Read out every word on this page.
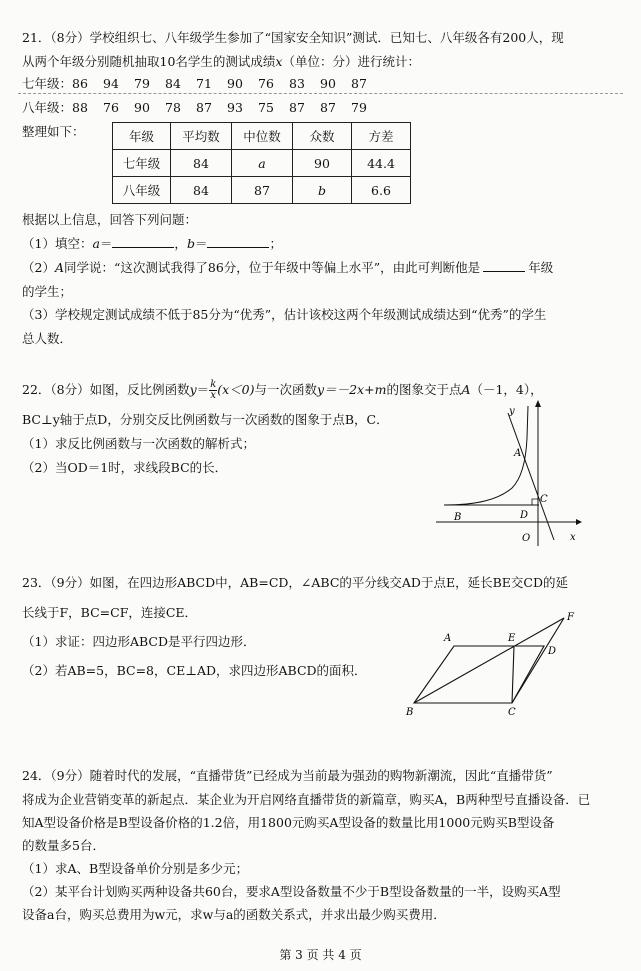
21．（8分）学校组织七、八年级学生参加了“国家安全知识”测试．已知七、八年级各有200人，现
从两个年级分别随机抽取10名学生的测试成绩x（单位：分）进行统计：
七年级：86 94 79 84 71 90 76 83 90 87
八年级：88 76 90 78 87 93 75 87 87 79
整理如下：	年级	平均数	中位数	众数	方差
七年级	84	a	90	44.4
八年级	84	87	b	6.6
根据以上信息，回答下列问题：
（1）填空：a＝	，b＝	；
（2）A同学说：“这次测试我得了86分，位于年级中等偏上水平”，由此可判断他是	年级
的学生；
（3）学校规定测试成绩不低于85分为“优秀”，估计该校这两个年级测试成绩达到“优秀”的学生
总人数．
22．（8分）如图，反比例函数$y= \frac{k}{x} (x<0)$与一次函数y＝－2x+m的图象交于点A（－1，4），
BC⊥y轴于点D，分别交反比例函数与一次函数的图象于点B，C．
（1）求反比例函数与一次函数的解析式；
（2）当OD＝1时，求线段BC的长．
y
A
B
C
D
O	x
23．（9分）如图，在四边形ABCD中，AB=CD，∠ABC的平分线交AD于点E，延长BE交CD的延
长线于F，BC=CF，连接CE．
（1）求证：四边形ABCD是平行四边形．
（2）若AB=5，BC=8，CE⊥AD，求四边形ABCD的面积．
A	E
F
D
B	C
24．（9分）随着时代的发展，“直播带货”已经成为当前最为强劲的购物新潮流，因此“直播带货”
将成为企业营销变革的新起点．某企业为开启网络直播带货的新篇章，购买A，B两种型号直播设备．已
知A型设备价格是B型设备价格的1.2倍，用1800元购买A型设备的数量比用1000元购买B型设备
的数量多5台．
（1）求A、B型设备单价分别是多少元；
（2）某平台计划购买两种设备共60台，要求A型设备数量不少于B型设备数量的一半，设购买A型
设备a台，购买总费用为w元，求w与a的函数关系式，并求出最少购买费用．
第 3 页 共 4 页
